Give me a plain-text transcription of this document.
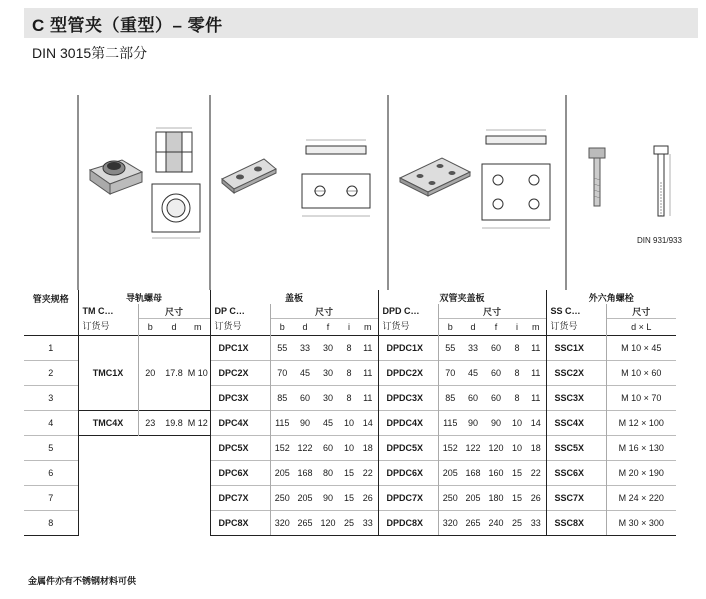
C 型管夹（重型）– 零件
DIN 3015第二部分
DIN 931/933
管夹规格	导轨螺母				盖板						双管夹盖板						外六角螺栓	
	TM C…	尺寸			DP C…	尺寸					DPD C…	尺寸					SS C…	尺寸
	订货号	b	d	m	订货号	b	d	f	i	m	订货号	b	d	f	i	m	订货号	d × L
1	TMC1X	20	17.8	M 10	DPC1X	55	33	30	8	11	DPDC1X	55	33	60	8	11	SSC1X	M 10 × 45
2					DPC2X	70	45	30	8	11	DPDC2X	70	45	60	8	11	SSC2X	M 10 × 60
3					DPC3X	85	60	30	8	11	DPDC3X	85	60	60	8	11	SSC3X	M 10 × 70
4	TMC4X	23	19.8	M 12	DPC4X	115	90	45	10	14	DPDC4X	115	90	90	10	14	SSC4X	M 12 × 100
5					DPC5X	152	122	60	10	18	DPDC5X	152	122	120	10	18	SSC5X	M 16 × 130
6					DPC6X	205	168	80	15	22	DPDC6X	205	168	160	15	22	SSC6X	M 20 × 190
7					DPC7X	250	205	90	15	26	DPDC7X	250	205	180	15	26	SSC7X	M 24 × 220
8					DPC8X	320	265	120	25	33	DPDC8X	320	265	240	25	33	SSC8X	M 30 × 300
金属件亦有不锈钢材料可供
